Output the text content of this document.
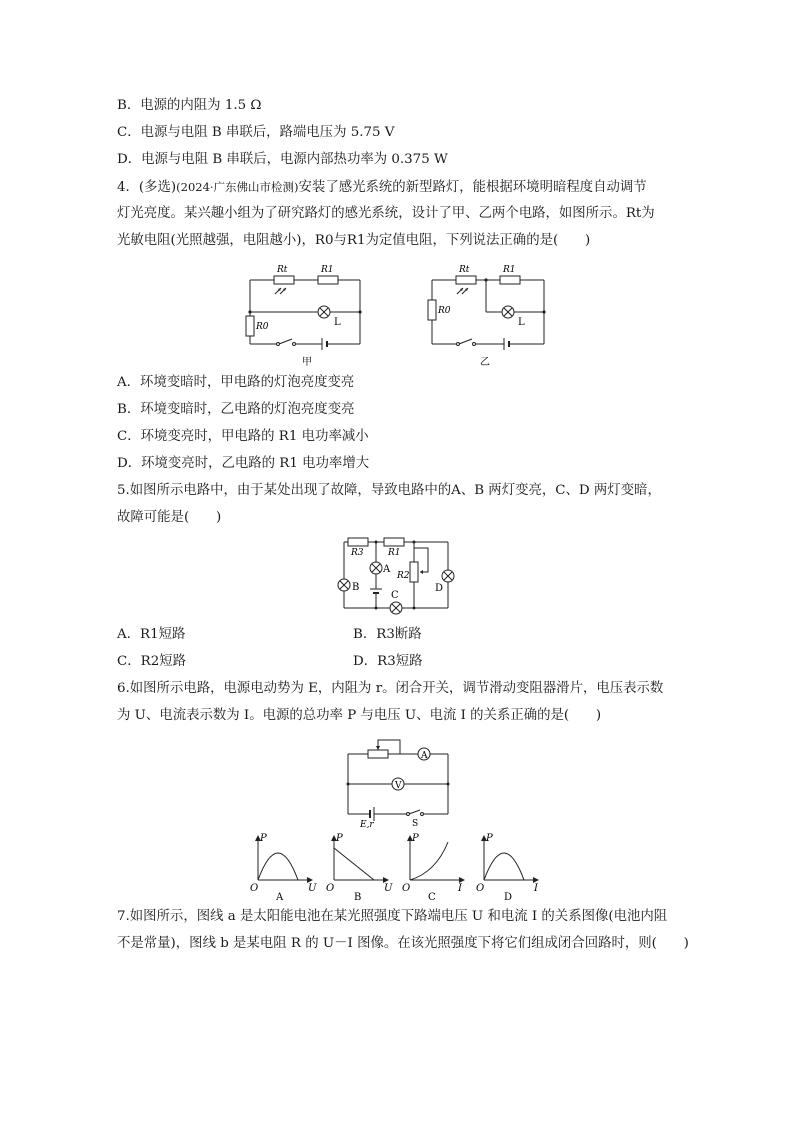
B．电源的内阻为 1.5 Ω
C．电源与电阻 B 串联后，路端电压为 5.75 V
D．电源与电阻 B 串联后，电源内部热功率为 0.375 W
4．(多选)(2024·广东佛山市检测)安装了感光系统的新型路灯，能根据环境明暗程度自动调节
灯光亮度。某兴趣小组为了研究路灯的感光系统，设计了甲、乙两个电路，如图所示。Rt为
光敏电阻(光照越强，电阻越小)，R0与R1为定值电阻，下列说法正确的是(　　)
Rt	R1
R0	L
甲
Rt	R1
R0
L
乙
A．环境变暗时，甲电路的灯泡亮度变亮
B．环境变暗时，乙电路的灯泡亮度变亮
C．环境变亮时，甲电路的 R1 电功率减小
D．环境变亮时，乙电路的 R1 电功率增大
5.如图所示电路中，由于某处出现了故障，导致电路中的A、B 两灯变亮，C、D 两灯变暗，
故障可能是(　　)
R3	R1
R2
A
B
C
D
A．R1短路	B．R3断路
C．R2短路	D．R3短路
6.如图所示电路，电源电动势为 E，内阻为 r。闭合开关，调节滑动变阻器滑片，电压表示数
为 U、电流表示数为 I。电源的总功率 P 与电压 U、电流 I 的关系正确的是(　　)
A
V
E,r	S
P
U
O
A
P
U
O
B
P
I
O
C
P
I
O
D
7.如图所示，图线 a 是太阳能电池在某光照强度下路端电压 U 和电流 I 的关系图像(电池内阻
不是常量)，图线 b 是某电阻 R 的 U－I 图像。在该光照强度下将它们组成闭合回路时，则(　　)
